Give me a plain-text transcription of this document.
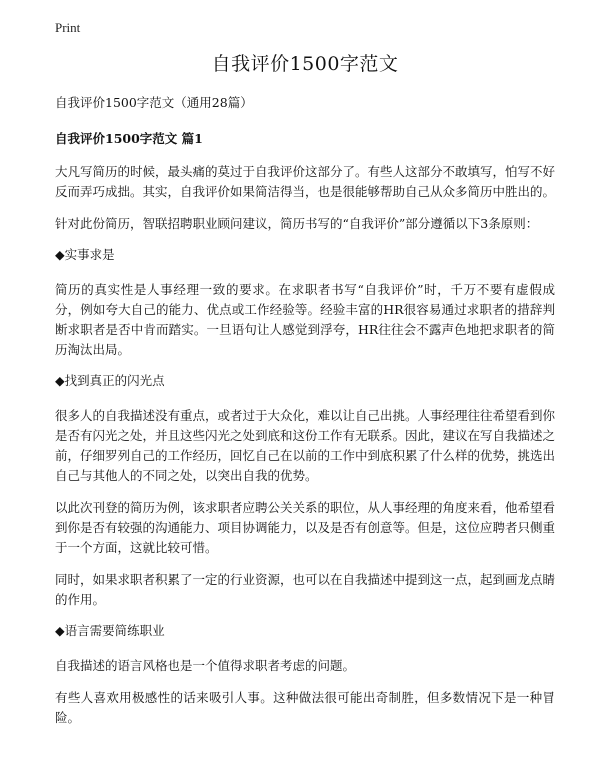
Print
自我评价1500字范文

自我评价1500字范文（通用28篇）

自我评价1500字范文 篇1

大凡写简历的时候，最头痛的莫过于自我评价这部分了。有些人这部分不敢填写，怕写不好反而弄巧成拙。其实，自我评价如果简洁得当，也是很能够帮助自己从众多简历中胜出的。

针对此份简历，智联招聘职业顾问建议，简历书写的“自我评价”部分遵循以下3条原则：

◆实事求是

简历的真实性是人事经理一致的要求。在求职者书写“自我评价”时，千万不要有虚假成分，例如夸大自己的能力、优点或工作经验等。经验丰富的HR很容易通过求职者的措辞判断求职者是否中肯而踏实。一旦语句让人感觉到浮夸，HR往往会不露声色地把求职者的简历淘汰出局。

◆找到真正的闪光点

很多人的自我描述没有重点，或者过于大众化，难以让自己出挑。人事经理往往希望看到你是否有闪光之处，并且这些闪光之处到底和这份工作有无联系。因此，建议在写自我描述之前，仔细罗列自己的工作经历，回忆自己在以前的工作中到底积累了什么样的优势，挑选出自己与其他人的不同之处，以突出自我的优势。

以此次刊登的简历为例，该求职者应聘公关关系的职位，从人事经理的角度来看，他希望看到你是否有较强的沟通能力、项目协调能力，以及是否有创意等。但是，这位应聘者只侧重于一个方面，这就比较可惜。

同时，如果求职者积累了一定的行业资源，也可以在自我描述中提到这一点，起到画龙点睛的作用。

◆语言需要简练职业

自我描述的语言风格也是一个值得求职者考虑的问题。

有些人喜欢用极感性的话来吸引人事。这种做法很可能出奇制胜，但多数情况下是一种冒险。
